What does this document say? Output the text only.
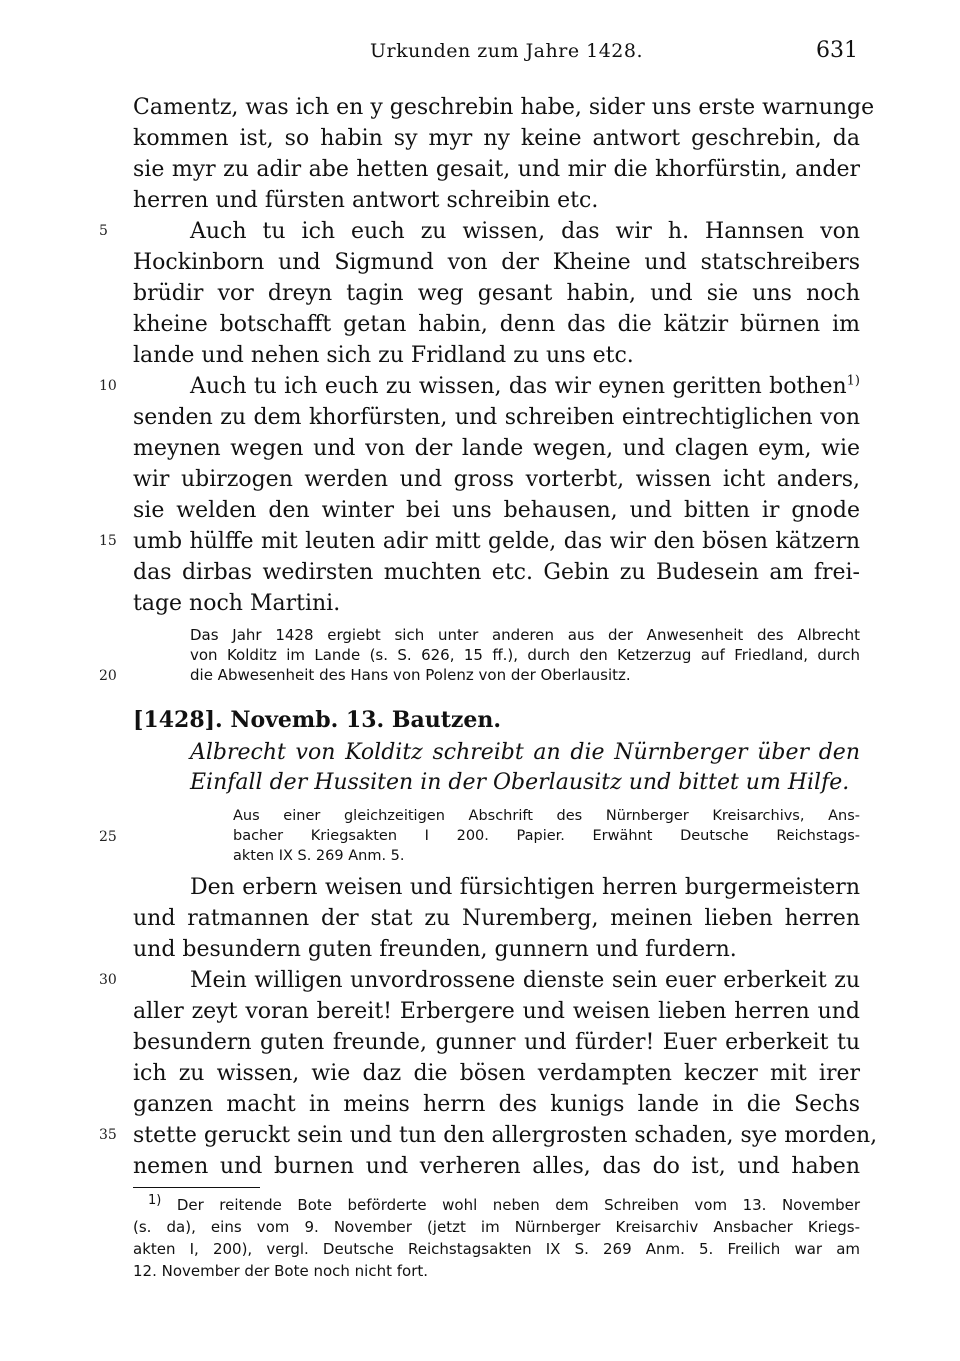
Urkunden zum Jahre 1428.	631
Camentz, was ich en y geschrebin habe, sider uns erste warnunge
kommen ist, so habin sy myr ny keine antwort geschrebin, da
sie myr zu adir abe hetten gesait, und mir die khorfürstin, ander
herren und fürsten antwort schreibin etc.
Auch tu ich euch zu wissen, das wir h. Hannsen von
Hockinborn und Sigmund von der Kheine und statschreibers
brüdir vor dreyn tagin weg gesant habin, und sie uns noch
kheine botschafft getan habin, denn das die kätzir bürnen im
lande und nehen sich zu Fridland zu uns etc.
Auch tu ich euch zu wissen, das wir eynen geritten bothen$^{1)}$
senden zu dem khorfürsten, und schreiben eintrechtiglichen von
meynen wegen und von der lande wegen, und clagen eym, wie
wir ubirzogen werden und gross vorterbt, wissen icht anders,
sie welden den winter bei uns behausen, und bitten ir gnode
umb hülffe mit leuten adir mitt gelde, das wir den bösen kätzern
das dirbas wedirsten muchten etc. Gebin zu Budesein am frei-
tage noch Martini.
Das Jahr 1428 ergiebt sich unter anderen aus der Anwesenheit des Albrecht
von Kolditz im Lande (s. S. 626, 15 ff.), durch den Ketzerzug auf Friedland, durch
die Abwesenheit des Hans von Polenz von der Oberlausitz.
[1428]. Novemb. 13. Bautzen.
Albrecht von Kolditz schreibt an die Nürnberger über den
Einfall der Hussiten in der Oberlausitz und bittet um Hilfe.
Aus einer gleichzeitigen Abschrift des Nürnberger Kreisarchivs, Ans-
bacher Kriegsakten I 200. Papier. Erwähnt Deutsche Reichstags-
akten IX S. 269 Anm. 5.
Den erbern weisen und fürsichtigen herren burgermeistern
und ratmannen der stat zu Nuremberg, meinen lieben herren
und besundern guten freunden, gunnern und furdern.
Mein willigen unvordrossene dienste sein euer erberkeit zu
aller zeyt voran bereit! Erbergere und weisen lieben herren und
besundern guten freunde, gunner und fürder! Euer erberkeit tu
ich zu wissen, wie daz die bösen verdampten keczer mit irer
ganzen macht in meins herrn des kunigs lande in die Sechs
stette geruckt sein und tun den allergrosten schaden, sye morden,
nemen und burnen und verheren alles, das do ist, und haben
$^{1)}$ Der reitende Bote beförderte wohl neben dem Schreiben vom 13. November
(s. da), eins vom 9. November (jetzt im Nürnberger Kreisarchiv Ansbacher Kriegs-
akten I, 200), vergl. Deutsche Reichstagsakten IX S. 269 Anm. 5. Freilich war am
12. November der Bote noch nicht fort.
5
10
15
20
25
30
35
